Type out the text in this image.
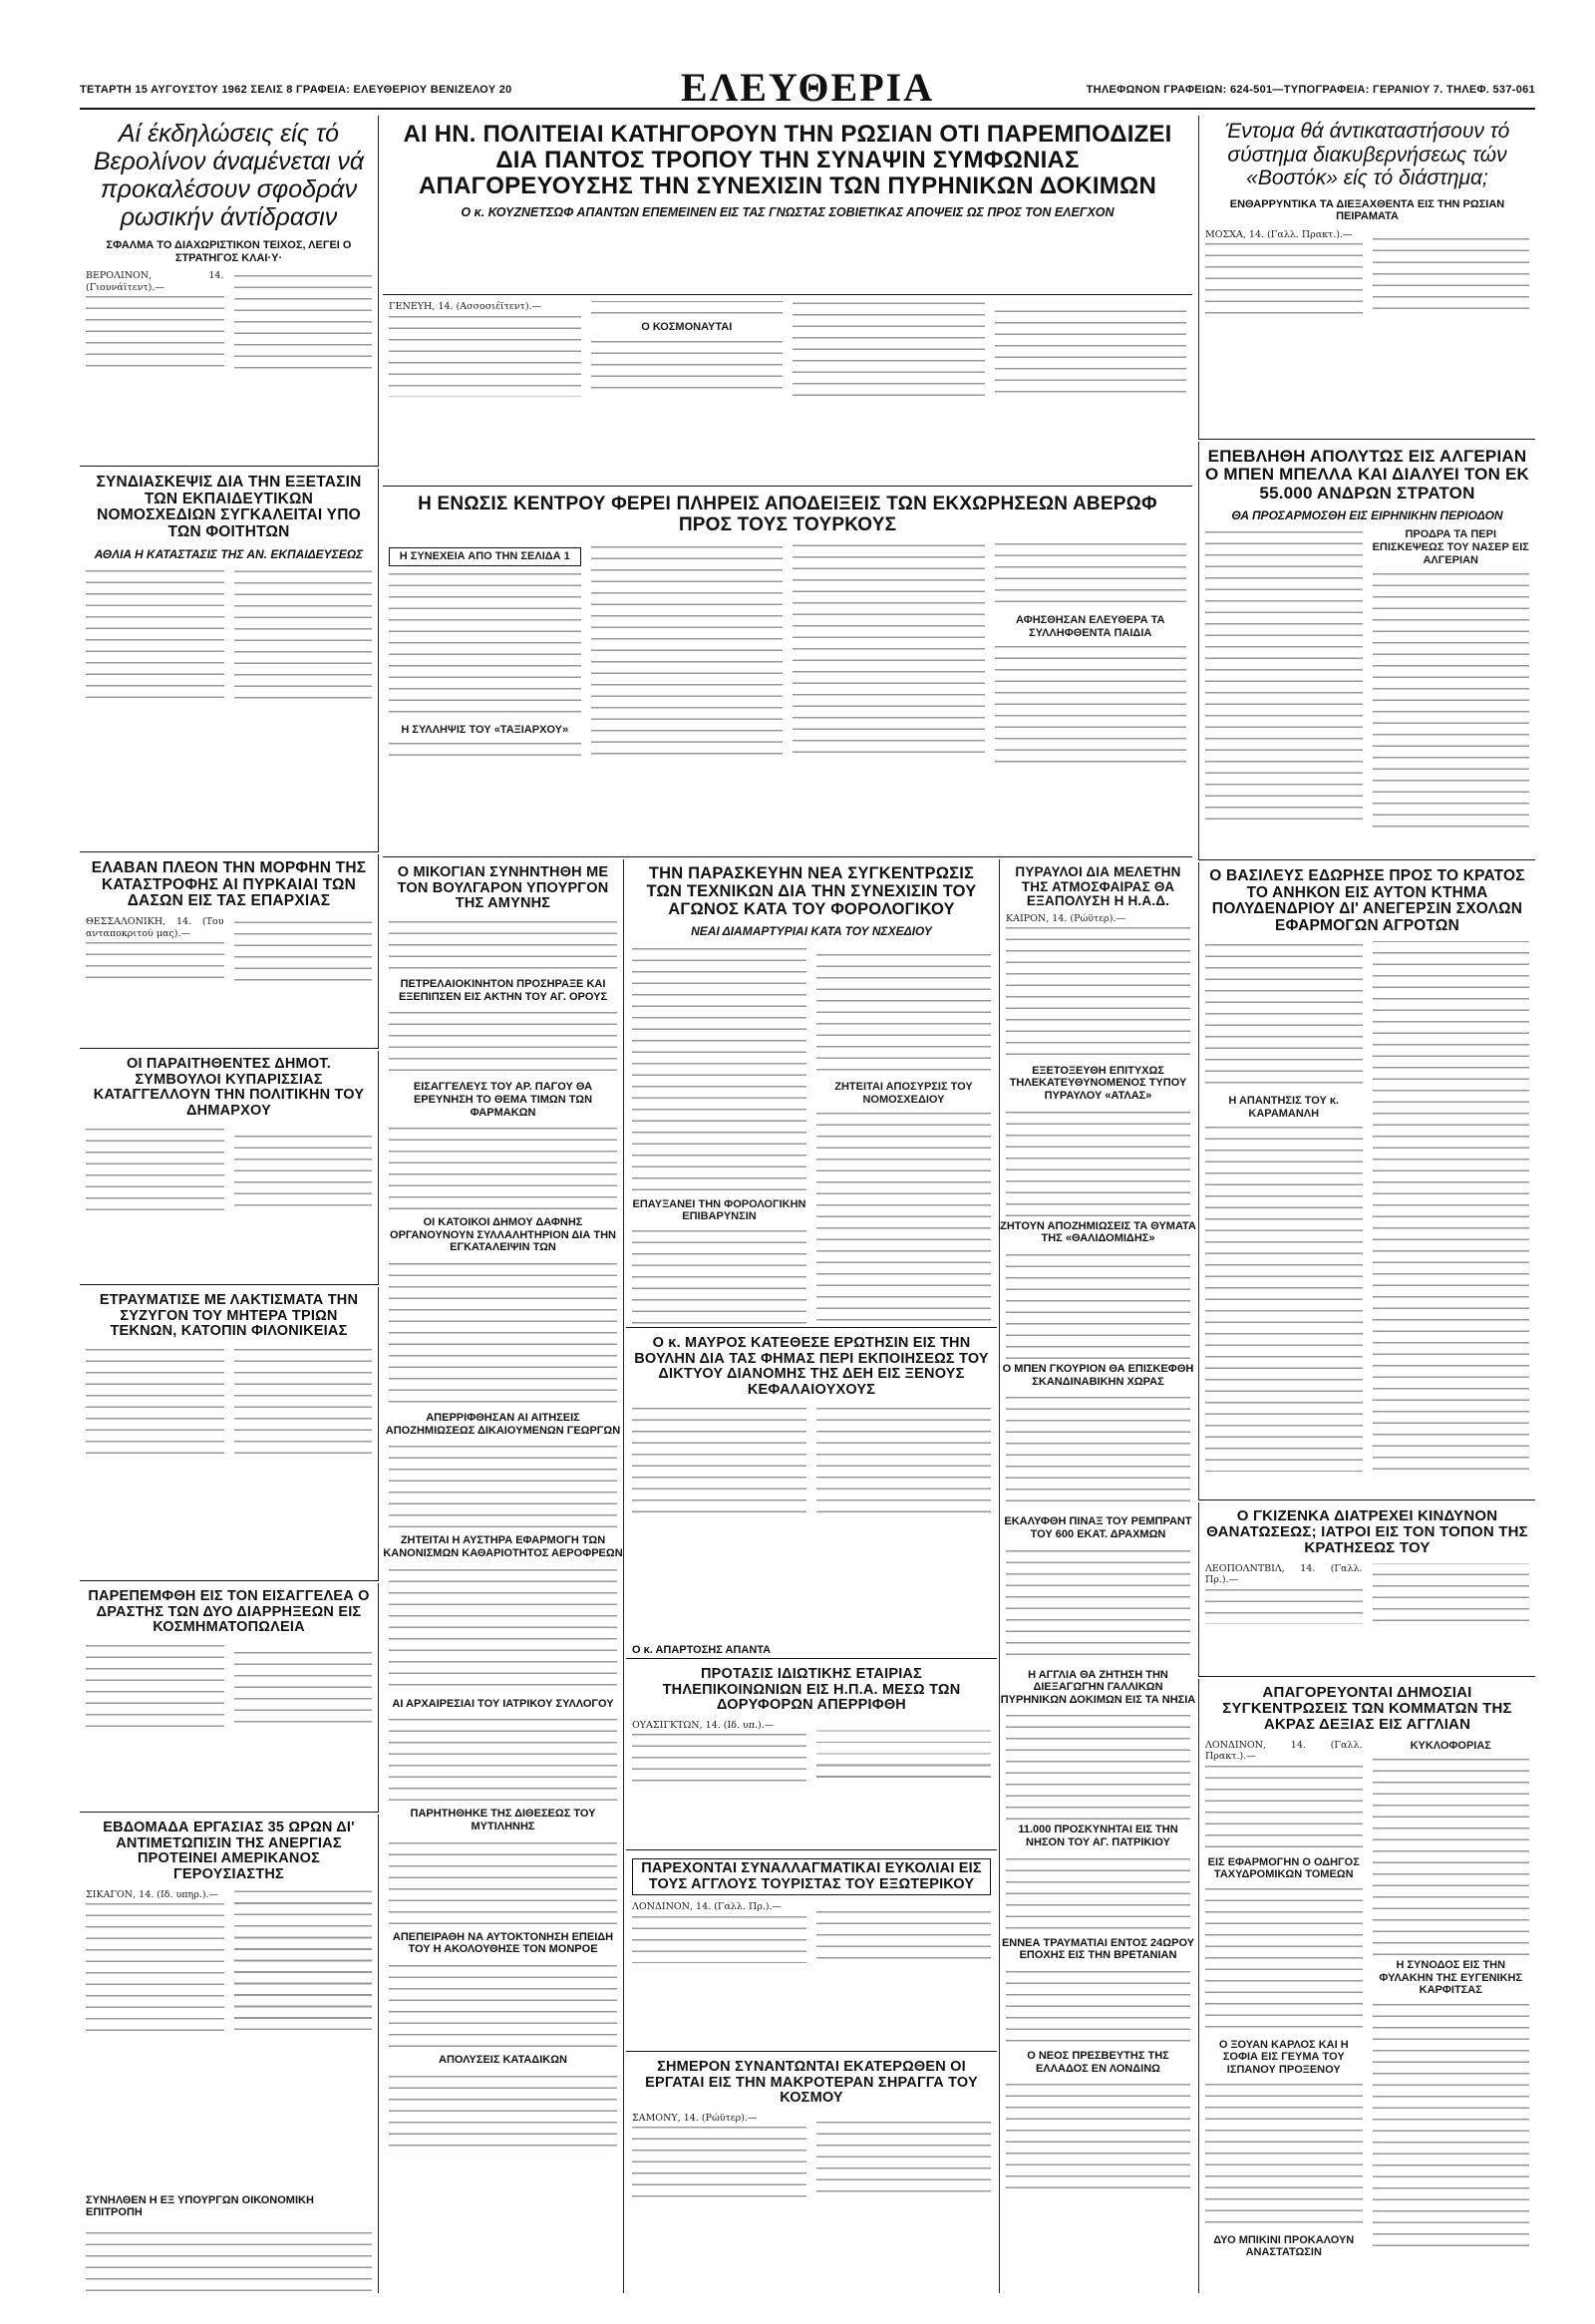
ΤΕΤΑΡΤΗ 15 ΑΥΓΟΥΣΤΟΥ 1962 ΣΕΛΙΣ 8 ΓΡΑΦΕΙΑ: ΕΛΕΥΘΕΡΙΟΥ ΒΕΝΙΖΕΛΟΥ 20	ΕΛΕΥΘΕΡΙΑ	ΤΗΛΕΦΩΝΟΝ ΓΡΑΦΕΙΩΝ: 624-501—ΤΥΠΟΓΡΑΦΕΙΑ: ΓΕΡΑΝΙΟΥ 7. ΤΗΛΕΦ. 537-061
Αί έκδηλώσεις είς τό Βερολίνον άναμένεται νά προκαλέσουν σφοδράν ρωσικήν άντίδρασιν
ΣΦΑΛΜΑ ΤΟ ΔΙΑΧΩΡΙΣΤΙΚΟΝ ΤΕΙΧΟΣ, ΛΕΓΕΙ Ο ΣΤΡΑΤΗΓΟΣ ΚΛΑΙ·Υ·
ΒΕΡΟΛΙΝΟΝ, 14. (Γιουνάϊτεντ).—
ΣΥΝΔΙΑΣΚΕΨΙΣ ΔΙΑ ΤΗΝ ΕΞΕΤΑΣΙΝ ΤΩΝ ΕΚΠΑΙΔΕΥΤΙΚΩΝ ΝΟΜΟΣΧΕΔΙΩΝ ΣΥΓΚΑΛΕΙΤΑΙ ΥΠΟ ΤΩΝ ΦΟΙΤΗΤΩΝ
ΑΘΛΙΑ Η ΚΑΤΑΣΤΑΣΙΣ ΤΗΣ ΑΝ. ΕΚΠΑΙΔΕΥΣΕΩΣ
ΕΛΑΒΑΝ ΠΛΕΟΝ ΤΗΝ ΜΟΡΦΗΝ ΤΗΣ ΚΑΤΑΣΤΡΟΦΗΣ ΑΙ ΠΥΡΚΑΙΑΙ ΤΩΝ ΔΑΣΩΝ ΕΙΣ ΤΑΣ ΕΠΑΡΧΙΑΣ
ΘΕΣΣΑΛΟΝΙΚΗ, 14. (Του ανταποκριτού μας).—
ΟΙ ΠΑΡΑΙΤΗΘΕΝΤΕΣ ΔΗΜΟΤ. ΣΥΜΒΟΥΛΟΙ ΚΥΠΑΡΙΣΣΙΑΣ ΚΑΤΑΓΓΕΛΛΟΥΝ ΤΗΝ ΠΟΛΙΤΙΚΗΝ ΤΟΥ ΔΗΜΑΡΧΟΥ
ΕΤΡΑΥΜΑΤΙΣΕ ΜΕ ΛΑΚΤΙΣΜΑΤΑ ΤΗΝ ΣΥΖΥΓΟΝ ΤΟΥ ΜΗΤΕΡΑ ΤΡΙΩΝ ΤΕΚΝΩΝ, ΚΑΤΟΠΙΝ ΦΙΛΟΝΙΚΕΙΑΣ
ΠΑΡΕΠΕΜΦΘΗ ΕΙΣ ΤΟΝ ΕΙΣΑΓΓΕΛΕΑ Ο ΔΡΑΣΤΗΣ ΤΩΝ ΔΥΟ ΔΙΑΡΡΗΞΕΩΝ ΕΙΣ ΚΟΣΜΗΜΑΤΟΠΩΛΕΙΑ
ΕΒΔΟΜΑΔΑ ΕΡΓΑΣΙΑΣ 35 ΩΡΩΝ ΔΙ' ΑΝΤΙΜΕΤΩΠΙΣΙΝ ΤΗΣ ΑΝΕΡΓΙΑΣ ΠΡΟΤΕΙΝΕΙ ΑΜΕΡΙΚΑΝΟΣ ΓΕΡΟΥΣΙΑΣΤΗΣ
ΣΙΚΑΓΟΝ, 14. (Ιδ. υπηρ.).—
ΣΥΝΗΛΘΕΝ Η ΕΞ ΥΠΟΥΡΓΩΝ ΟΙΚΟΝΟΜΙΚΗ ΕΠΙΤΡΟΠΗ
ΑΙ ΗΝ. ΠΟΛΙΤΕΙΑΙ ΚΑΤΗΓΟΡΟΥΝ ΤΗΝ ΡΩΣΙΑΝ ΟΤΙ ΠΑΡΕΜΠΟΔΙΖΕΙ ΔΙΑ ΠΑΝΤΟΣ ΤΡΟΠΟΥ ΤΗΝ ΣΥΝΑΨΙΝ ΣΥΜΦΩΝΙΑΣ ΑΠΑΓΟΡΕΥΟΥΣΗΣ ΤΗΝ ΣΥΝΕΧΙΣΙΝ ΤΩΝ ΠΥΡΗΝΙΚΩΝ ΔΟΚΙΜΩΝ
Ο κ. ΚΟΥΖΝΕΤΣΩΦ ΑΠΑΝΤΩΝ ΕΠΕΜΕΙΝΕΝ ΕΙΣ ΤΑΣ ΓΝΩΣΤΑΣ ΣΟΒΙΕΤΙΚΑΣ ΑΠΟΨΕΙΣ ΩΣ ΠΡΟΣ ΤΟΝ ΕΛΕΓΧΟΝ
ΓΕΝΕΥΗ, 14. (Ασσοσιέϊτεντ).—
Ο ΚΟΣΜΟΝΑΥΤΑΙ
Η ΕΝΩΣΙΣ ΚΕΝΤΡΟΥ ΦΕΡΕΙ ΠΛΗΡΕΙΣ ΑΠΟΔΕΙΞΕΙΣ ΤΩΝ ΕΚΧΩΡΗΣΕΩΝ ΑΒΕΡΩΦ ΠΡΟΣ ΤΟΥΣ ΤΟΥΡΚΟΥΣ
Η ΣΥΝΕΧΕΙΑ ΑΠΟ ΤΗΝ ΣΕΛΙΔΑ 1
Η ΣΥΛΛΗΨΙΣ ΤΟΥ «ΤΑΞΙΑΡΧΟΥ»
ΑΦΗΣΘΗΣΑΝ ΕΛΕΥΘΕΡΑ ΤΑ ΣΥΛΛΗΦΘΕΝΤΑ ΠΑΙΔΙΑ
Έντομα θά άντικαταστήσουν τό σύστημα διακυβερνήσεως τών «Βοστόκ» είς τό διάστημα;
ΕΝΘΑΡΡΥΝΤΙΚΑ ΤΑ ΔΙΕΞΑΧΘΕΝΤΑ ΕΙΣ ΤΗΝ ΡΩΣΙΑΝ ΠΕΙΡΑΜΑΤΑ
ΜΟΣΧΑ, 14. (Γαλλ. Πρακτ.).—
ΕΠΕΒΛΗΘΗ ΑΠΟΛΥΤΩΣ ΕΙΣ ΑΛΓΕΡΙΑΝ Ο ΜΠΕΝ ΜΠΕΛΛΑ ΚΑΙ ΔΙΑΛΥΕΙ ΤΟΝ ΕΚ 55.000 ΑΝΔΡΩΝ ΣΤΡΑΤΟΝ
ΘΑ ΠΡΟΣΑΡΜΟΣΘΗ ΕΙΣ ΕΙΡΗΝΙΚΗΝ ΠΕΡΙΟΔΟΝ
ΠΡΟΔΡΑ ΤΑ ΠΕΡΙ ΕΠΙΣΚΕΨΕΩΣ ΤΟΥ ΝΑΣΕΡ ΕΙΣ ΑΛΓΕΡΙΑΝ
Ο ΒΑΣΙΛΕΥΣ ΕΔΩΡΗΣΕ ΠΡΟΣ ΤΟ ΚΡΑΤΟΣ ΤΟ ΑΝΗΚΟΝ ΕΙΣ ΑΥΤΟΝ ΚΤΗΜΑ ΠΟΛΥΔΕΝΔΡΙΟΥ ΔΙ' ΑΝΕΓΕΡΣΙΝ ΣΧΟΛΩΝ ΕΦΑΡΜΟΓΩΝ ΑΓΡΟΤΩΝ
Η ΑΠΑΝΤΗΣΙΣ ΤΟΥ κ. ΚΑΡΑΜΑΝΛΗ
Ο ΓΚΙΖΕΝΚΑ ΔΙΑΤΡΕΧΕΙ ΚΙΝΔΥΝΟΝ ΘΑΝΑΤΩΣΕΩΣ; ΙΑΤΡΟΙ ΕΙΣ ΤΟΝ ΤΟΠΟΝ ΤΗΣ ΚΡΑΤΗΣΕΩΣ ΤΟΥ
ΛΕΟΠΟΛΝΤΒΙΛ, 14. (Γαλλ. Πρ.).—
ΑΠΑΓΟΡΕΥΟΝΤΑΙ ΔΗΜΟΣΙΑΙ ΣΥΓΚΕΝΤΡΩΣΕΙΣ ΤΩΝ ΚΟΜΜΑΤΩΝ ΤΗΣ ΑΚΡΑΣ ΔΕΞΙΑΣ ΕΙΣ ΑΓΓΛΙΑΝ
ΛΟΝΔΙΝΟΝ, 14. (Γαλλ. Πρακτ.).—
ΕΙΣ ΕΦΑΡΜΟΓΗΝ Ο ΟΔΗΓΟΣ ΤΑΧΥΔΡΟΜΙΚΩΝ ΤΟΜΕΩΝ
Ο ΞΟΥΑΝ ΚΑΡΛΟΣ ΚΑΙ Η ΣΟΦΙΑ ΕΙΣ ΓΕΥΜΑ ΤΟΥ ΙΣΠΑΝΟΥ ΠΡΟΞΕΝΟΥ
ΔΥΟ ΜΠΙΚΙΝΙ ΠΡΟΚΑΛΟΥΝ ΑΝΑΣΤΑΤΩΣΙΝ ΚΥΚΛΟΦΟΡΙΑΣ
Η ΣΥΝΟΔΟΣ ΕΙΣ ΤΗΝ ΦΥΛΑΚΗΝ ΤΗΣ ΕΥΓΕΝΙΚΗΣ ΚΑΡΦΙΤΣΑΣ
Ο ΜΙΚΟΓΙΑΝ ΣΥΝΗΝΤΗΘΗ ΜΕ ΤΟΝ ΒΟΥΛΓΑΡΟΝ ΥΠΟΥΡΓΟΝ ΤΗΣ ΑΜΥΝΗΣ
ΠΕΤΡΕΛΑΙΟΚΙΝΗΤΟΝ ΠΡΟΣΗΡΑΞΕ ΚΑΙ ΕΞΕΠΙΠΣΕΝ ΕΙΣ ΑΚΤΗΝ ΤΟΥ ΑΓ. ΟΡΟΥΣ
ΕΙΣΑΓΓΕΛΕΥΣ ΤΟΥ ΑΡ. ΠΑΓΟΥ ΘΑ ΕΡΕΥΝΗΣΗ ΤΟ ΘΕΜΑ ΤΙΜΩΝ ΤΩΝ ΦΑΡΜΑΚΩΝ
ΟΙ ΚΑΤΟΙΚΟΙ ΔΗΜΟΥ ΔΑΦΝΗΣ ΟΡΓΑΝΟΥΝΟΥΝ ΣΥΛΛΑΛΗΤΗΡΙΟΝ ΔΙΑ ΤΗΝ ΕΓΚΑΤΑΛΕΙΨΙΝ ΤΩΝ
ΑΠΕΡΡΙΦΘΗΣΑΝ ΑΙ ΑΙΤΗΣΕΙΣ ΑΠΟΖΗΜΙΩΣΕΩΣ ΔΙΚΑΙΟΥΜΕΝΩΝ ΓΕΩΡΓΩΝ
ΖΗΤΕΙΤΑΙ Η ΑΥΣΤΗΡΑ ΕΦΑΡΜΟΓΗ ΤΩΝ ΚΑΝΟΝΙΣΜΩΝ ΚΑΘΑΡΙΟΤΗΤΟΣ ΑΕΡΟΦΡΕΩΝ
ΑΙ ΑΡΧΑΙΡΕΣΙΑΙ ΤΟΥ ΙΑΤΡΙΚΟΥ ΣΥΛΛΟΓΟΥ
ΠΑΡΗΤΗΘΗΚΕ ΤΗΣ ΔΙΘΕΣΕΩΣ ΤΟΥ ΜΥΤΙΛΗΝΗΣ
ΑΠΕΠΕΙΡΑΘΗ ΝΑ ΑΥΤΟΚΤΟΝΗΣΗ ΕΠΕΙΔΗ ΤΟΥ Η ΑΚΟΛΟΥΘΗΣΕ ΤΟΝ ΜΟΝΡΟΕ
ΑΠΟΛΥΣΕΙΣ ΚΑΤΑΔΙΚΩΝ
ΤΗΝ ΠΑΡΑΣΚΕΥΗΝ ΝΕΑ ΣΥΓΚΕΝΤΡΩΣΙΣ ΤΩΝ ΤΕΧΝΙΚΩΝ ΔΙΑ ΤΗΝ ΣΥΝΕΧΙΣΙΝ ΤΟΥ ΑΓΩΝΟΣ ΚΑΤΑ ΤΟΥ ΦΟΡΟΛΟΓΙΚΟΥ
ΝΕΑΙ ΔΙΑΜΑΡΤΥΡΙΑΙ ΚΑΤΑ ΤΟΥ ΝΣΧΕΔΙΟΥ
ΕΠΑΥΞΑΝΕΙ ΤΗΝ ΦΟΡΟΛΟΓΙΚΗΝ ΕΠΙΒΑΡΥΝΣΙΝ
ΖΗΤΕΙΤΑΙ ΑΠΟΣΥΡΣΙΣ ΤΟΥ ΝΟΜΟΣΧΕΔΙΟΥ
ΠΥΡΑΥΛΟΙ ΔΙΑ ΜΕΛΕΤΗΝ ΤΗΣ ΑΤΜΟΣΦΑΙΡΑΣ ΘΑ ΕΞΑΠΟΛΥΣΗ Η Η.Α.Δ.
ΚΑΙΡΟΝ, 14. (Ρώϋτερ).—
ΕΞΕΤΟΞΕΥΘΗ ΕΠΙΤΥΧΩΣ ΤΗΛΕΚΑΤΕΥΘΥΝΟΜΕΝΟΣ ΤΥΠΟΥ ΠΥΡΑΥΛΟΥ «ΑΤΛΑΣ»
ΖΗΤΟΥΝ ΑΠΟΖΗΜΙΩΣΕΙΣ ΤΑ ΘΥΜΑΤΑ ΤΗΣ «ΘΑΛΙΔΟΜΙΔΗΣ»
Ο ΜΠΕΝ ΓΚΟΥΡΙΟΝ ΘΑ ΕΠΙΣΚΕΦΘΗ ΣΚΑΝΔΙΝΑΒΙΚΗΝ ΧΩΡΑΣ
ΕΚΑΛΥΦΘΗ ΠΙΝΑΞ ΤΟΥ ΡΕΜΠΡΑΝΤ ΤΟΥ 600 ΕΚΑΤ. ΔΡΑΧΜΩΝ
Η ΑΓΓΛΙΑ ΘΑ ΖΗΤΗΣΗ ΤΗΝ ΔΙΕΞΑΓΩΓΗΝ ΓΑΛΛΙΚΩΝ ΠΥΡΗΝΙΚΩΝ ΔΟΚΙΜΩΝ ΕΙΣ ΤΑ ΝΗΣΙΑ
11.000 ΠΡΟΣΚΥΝΗΤΑΙ ΕΙΣ ΤΗΝ ΝΗΣΟΝ ΤΟΥ ΑΓ. ΠΑΤΡΙΚΙΟΥ
ΕΝΝΕΑ ΤΡΑΥΜΑΤΙΑΙ ΕΝΤΟΣ 24ΩΡΟΥ ΕΠΟΧΗΣ ΕΙΣ ΤΗΝ ΒΡΕΤΑΝΙΑΝ
Ο ΝΕΟΣ ΠΡΕΣΒΕΥΤΗΣ ΤΗΣ ΕΛΛΑΔΟΣ ΕΝ ΛΟΝΔΙΝΩ
Ο κ. ΜΑΥΡΟΣ ΚΑΤΕΘΕΣΕ ΕΡΩΤΗΣΙΝ ΕΙΣ ΤΗΝ ΒΟΥΛΗΝ ΔΙΑ ΤΑΣ ΦΗΜΑΣ ΠΕΡΙ ΕΚΠΟΙΗΣΕΩΣ ΤΟΥ ΔΙΚΤΥΟΥ ΔΙΑΝΟΜΗΣ ΤΗΣ ΔΕΗ ΕΙΣ ΞΕΝΟΥΣ ΚΕΦΑΛΑΙΟΥΧΟΥΣ
Ο κ. ΑΠΑΡΤΟΣΗΣ ΑΠΑΝΤΑ
ΠΡΟΤΑΣΙΣ ΙΔΙΩΤΙΚΗΣ ΕΤΑΙΡΙΑΣ ΤΗΛΕΠΙΚΟΙΝΩΝΙΩΝ ΕΙΣ Η.Π.Α. ΜΕΣΩ ΤΩΝ ΔΟΡΥΦΟΡΩΝ ΑΠΕΡΡΙΦΘΗ
ΟΥΑΣΙΓΚΤΩΝ, 14. (Ιδ. υπ.).—
ΠΑΡΕΧΟΝΤΑΙ ΣΥΝΑΛΛΑΓΜΑΤΙΚΑΙ ΕΥΚΟΛΙΑΙ ΕΙΣ ΤΟΥΣ ΑΓΓΛΟΥΣ ΤΟΥΡΙΣΤΑΣ ΤΟΥ ΕΞΩΤΕΡΙΚΟΥ
ΛΟΝΔΙΝΟΝ, 14. (Γαλλ. Πρ.).—
ΣΗΜΕΡΟΝ ΣΥΝΑΝΤΩΝΤΑΙ ΕΚΑΤΕΡΩΘΕΝ ΟΙ ΕΡΓΑΤΑΙ ΕΙΣ ΤΗΝ ΜΑΚΡΟΤΕΡΑΝ ΣΗΡΑΓΓΑ ΤΟΥ ΚΟΣΜΟΥ
ΣΑΜΟΝΥ, 14. (Ρώϋτερ).—
